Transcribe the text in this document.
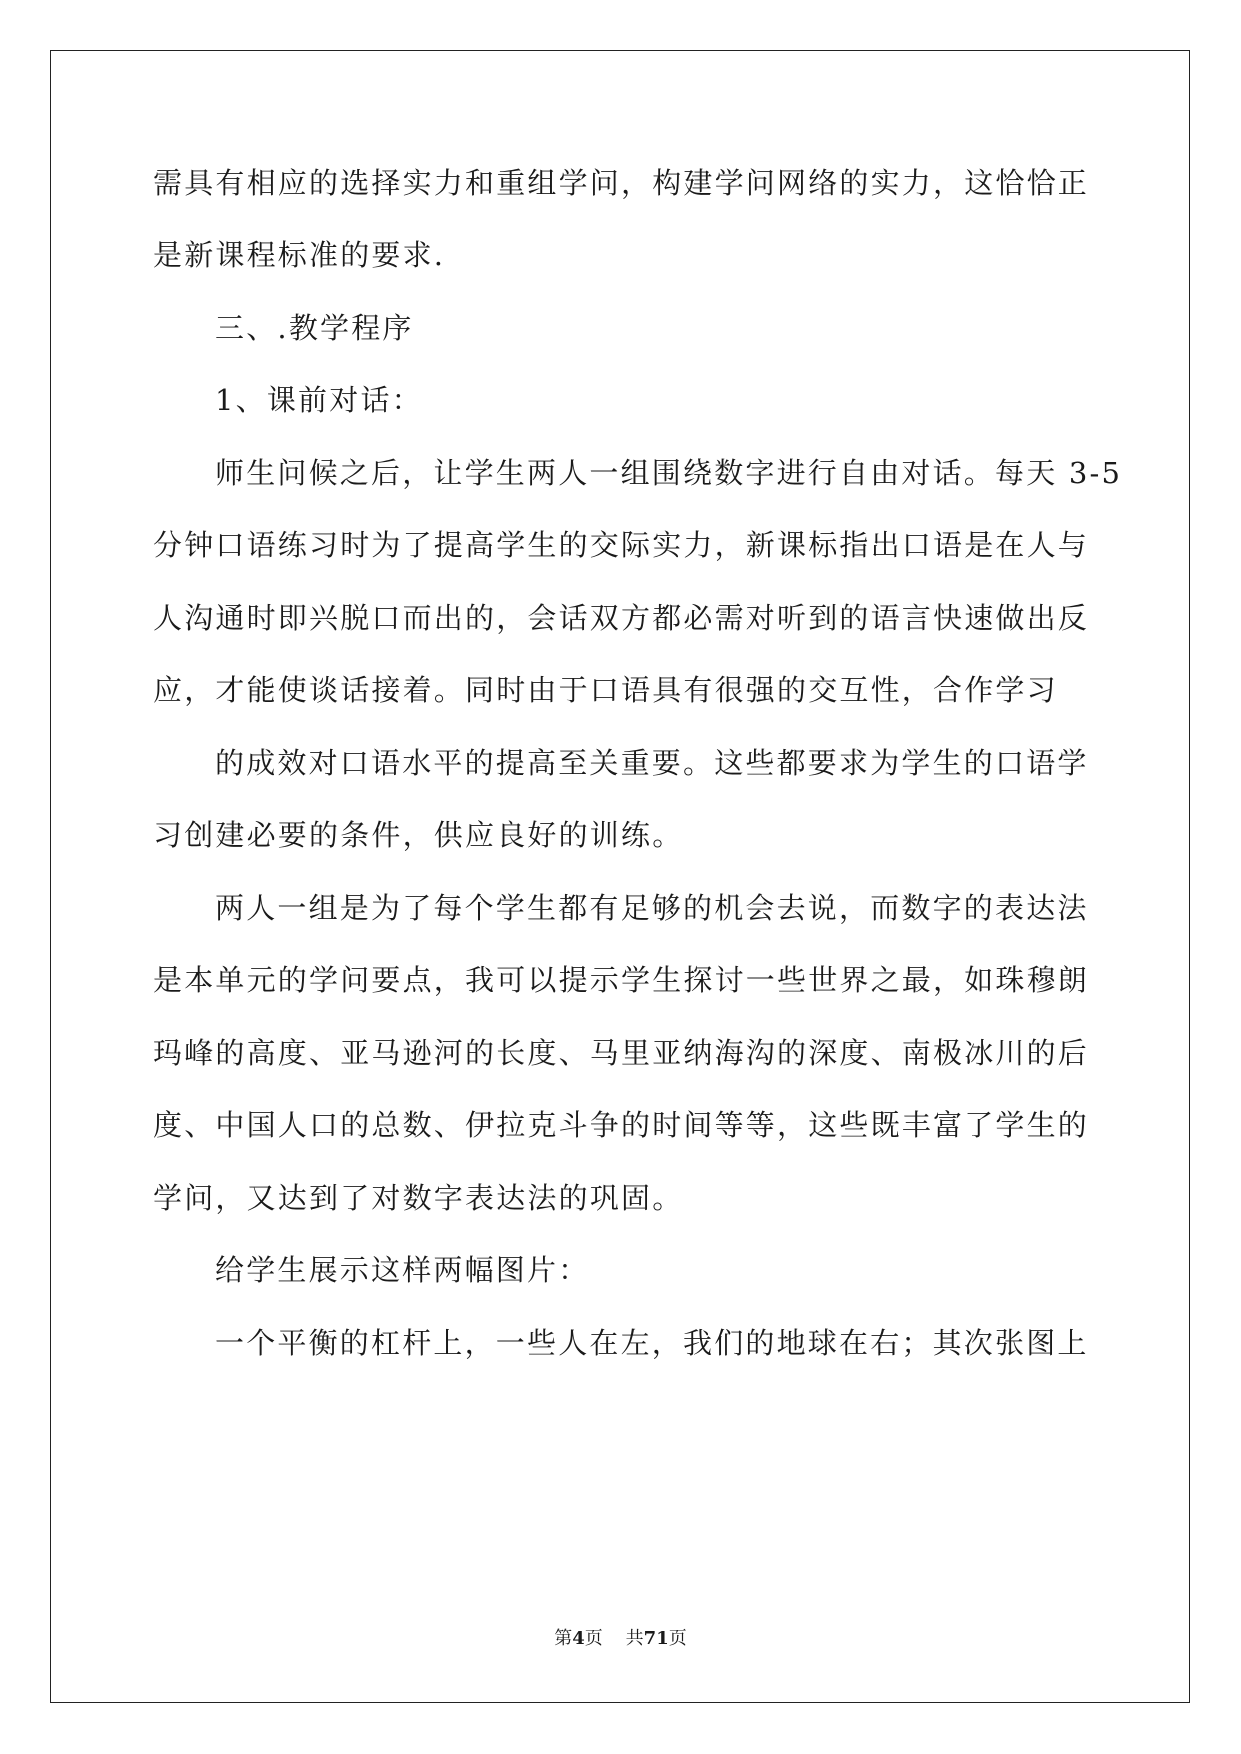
需具有相应的选择实力和重组学问，构建学问网络的实力，这恰恰正
是新课程标准的要求.
三、.教学程序
1、课前对话：
师生问候之后，让学生两人一组围绕数字进行自由对话。每天 3-5
分钟口语练习时为了提高学生的交际实力，新课标指出口语是在人与
人沟通时即兴脱口而出的，会话双方都必需对听到的语言快速做出反
应，才能使谈话接着。同时由于口语具有很强的交互性，合作学习
的成效对口语水平的提高至关重要。这些都要求为学生的口语学
习创建必要的条件，供应良好的训练。
两人一组是为了每个学生都有足够的机会去说，而数字的表达法
是本单元的学问要点，我可以提示学生探讨一些世界之最，如珠穆朗
玛峰的高度、亚马逊河的长度、马里亚纳海沟的深度、南极冰川的后
度、中国人口的总数、伊拉克斗争的时间等等，这些既丰富了学生的
学问，又达到了对数字表达法的巩固。
给学生展示这样两幅图片：
一个平衡的杠杆上，一些人在左，我们的地球在右；其次张图上
第4页 共71页
